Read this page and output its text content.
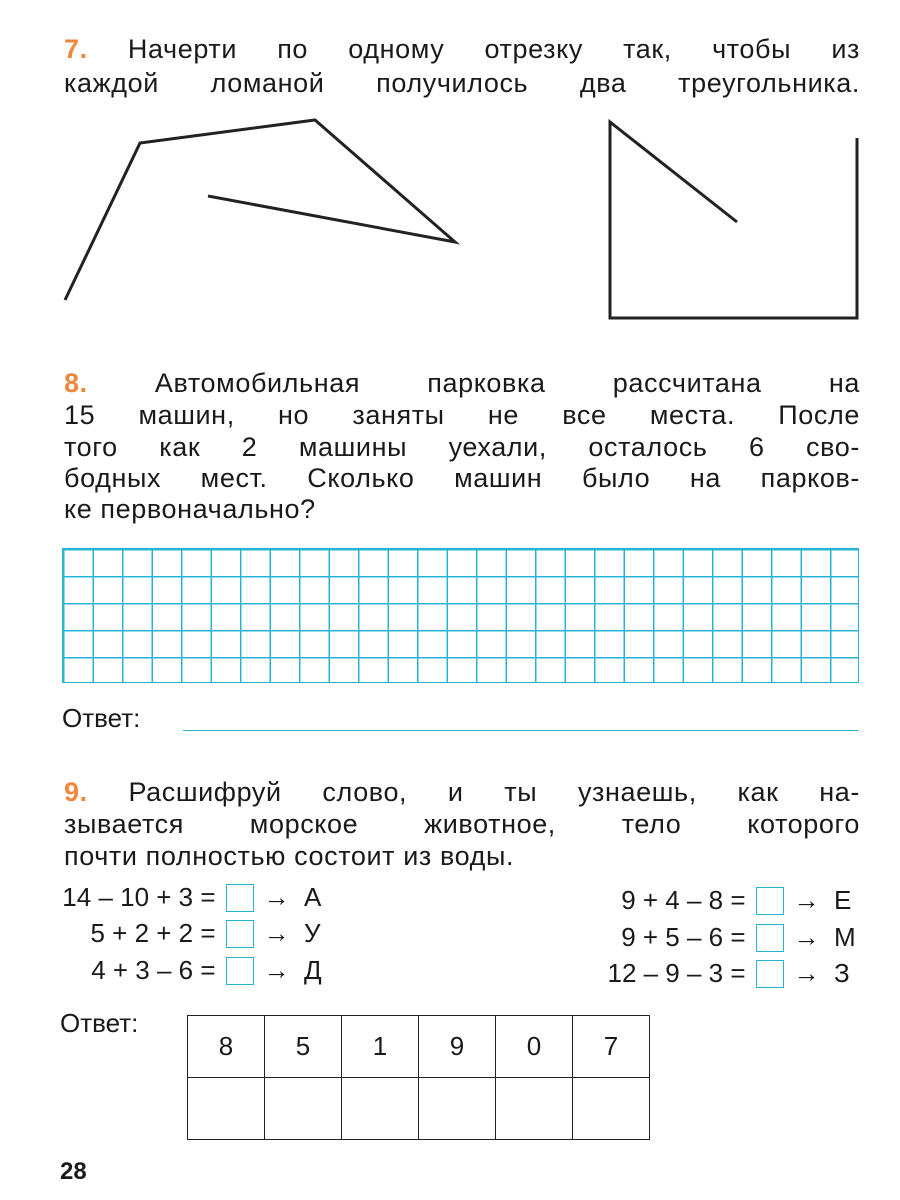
7. Начерти по одному отрезку так, чтобы из
каждой ломаной получилось два треугольника.
8. Автомобильная парковка рассчитана на
15 машин, но заняты не все места. После
того как 2 машины уехали, осталось 6 сво-
бодных мест. Сколько машин было на парков-
ке первоначально?
Ответ:
9. Расшифруй слово, и ты узнаешь, как на-
зывается морское животное, тело которого
почти полностью состоит из воды.
14 – 10 + 3 = →
А
5 + 2 + 2 = →
У
4 + 3 – 6 = →
Д
9 + 4 – 8 = →
Е
9 + 5 – 6 = →
М
12 – 9 – 3 = →
З
Ответ:
8	5	1	9	0	7

28
